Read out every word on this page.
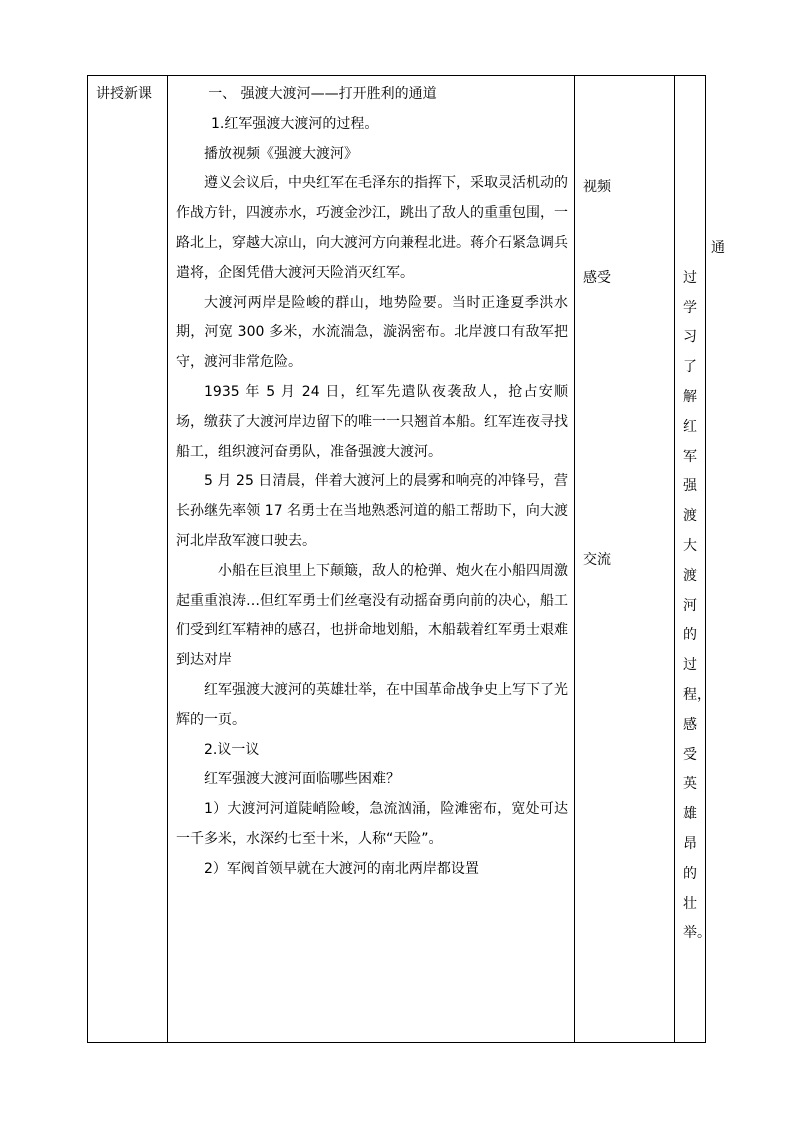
讲授新课	一、 强渡大渡河——打开胜利的通道

1.红军强渡大渡河的过程。

播放视频《强渡大渡河》

遵义会议后，中央红军在毛泽东的指挥下，采取灵活机动的作战方针，四渡赤水，巧渡金沙江，跳出了敌人的重重包围，一路北上，穿越大凉山，向大渡河方向兼程北进。蒋介石紧急调兵遣将，企图凭借大渡河天险消灭红军。

大渡河两岸是险峻的群山，地势险要。当时正逢夏季洪水期，河宽 300 多米，水流湍急，漩涡密布。北岸渡口有敌军把守，渡河非常危险。

1935 年 5 月 24 日，红军先遣队夜袭敌人，抢占安顺场，缴获了大渡河岸边留下的唯一一只翘首本船。红军连夜寻找船工，组织渡河奋勇队，准备强渡大渡河。

5 月 25 日清晨，伴着大渡河上的晨雾和响亮的冲锋号，营长孙继先率领 17 名勇士在当地熟悉河道的船工帮助下，向大渡河北岸敌军渡口驶去。

小船在巨浪里上下颠簸，敌人的枪弹、炮火在小船四周激起重重浪涛…但红军勇士们丝毫没有动摇奋勇向前的决心，船工们受到红军精神的感召，也拼命地划船，木船载着红军勇士艰难到达对岸

红军强渡大渡河的英雄壮举，在中国革命战争史上写下了光辉的一页。

2.议一议

红军强渡大渡河面临哪些困难？

1）大渡河河道陡峭险峻，急流汹涌，险滩密布，宽处可达一千多米，水深约七至十米，人称“天险”。

2）军阀首领早就在大渡河的南北两岸都设置

视频
感受
交流

通过学习了解红军强渡大渡河的过程，感受英雄昂的壮举。
